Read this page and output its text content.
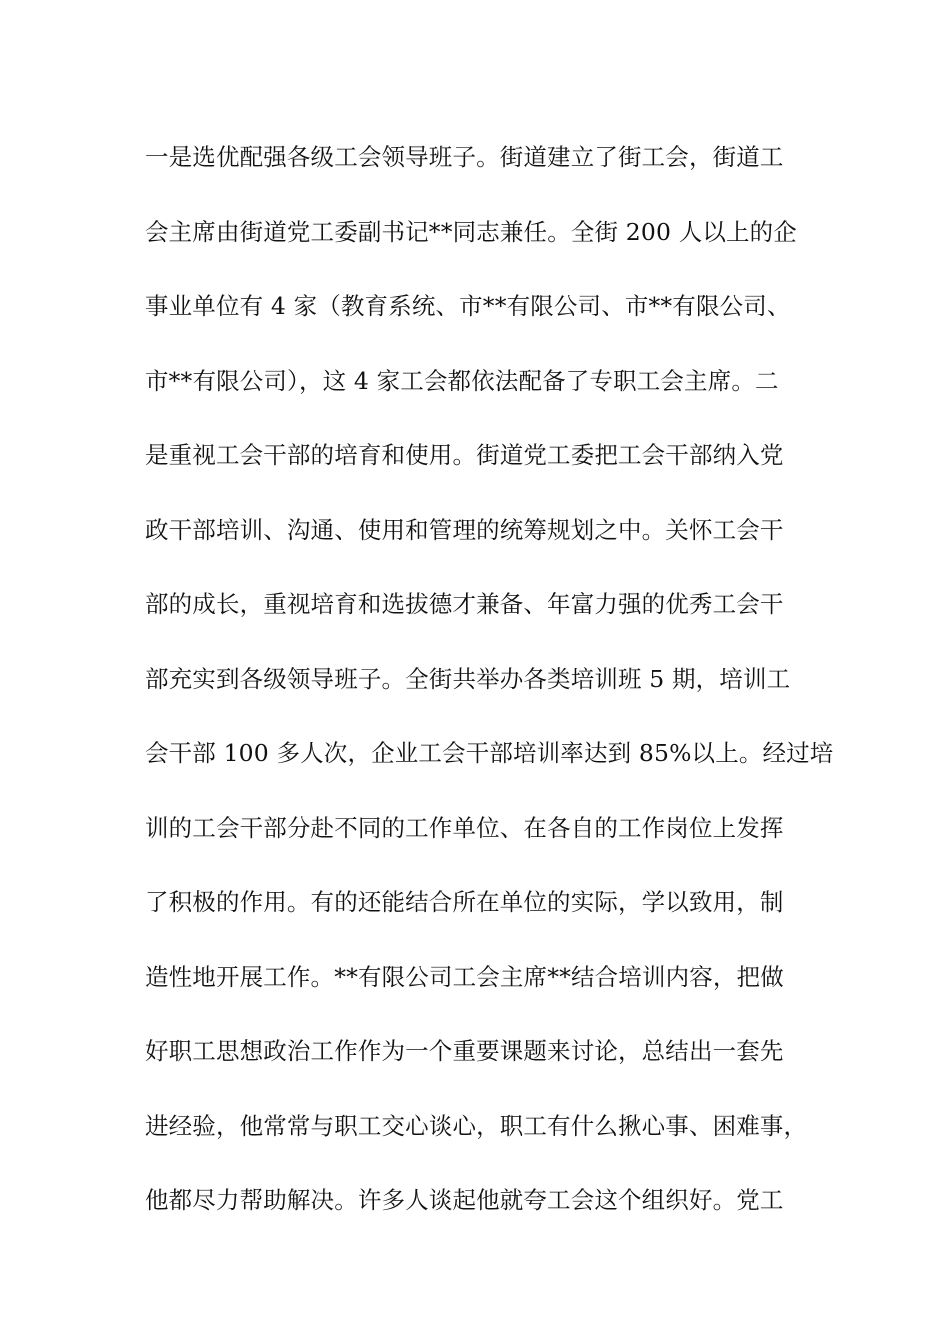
一是选优配强各级工会领导班子。街道建立了街工会，街道工
会主席由街道党工委副书记**同志兼任。全街 200 人以上的企
事业单位有 4 家（教育系统、市**有限公司、市**有限公司、
市**有限公司），这 4 家工会都依法配备了专职工会主席。二
是重视工会干部的培育和使用。街道党工委把工会干部纳入党
政干部培训、沟通、使用和管理的统筹规划之中。关怀工会干
部的成长，重视培育和选拔德才兼备、年富力强的优秀工会干
部充实到各级领导班子。全街共举办各类培训班 5 期，培训工
会干部 100 多人次，企业工会干部培训率达到 85%以上。经过培
训的工会干部分赴不同的工作单位、在各自的工作岗位上发挥
了积极的作用。有的还能结合所在单位的实际，学以致用，制
造性地开展工作。**有限公司工会主席**结合培训内容，把做
好职工思想政治工作作为一个重要课题来讨论，总结出一套先
进经验，他常常与职工交心谈心，职工有什么揪心事、困难事，
他都尽力帮助解决。许多人谈起他就夸工会这个组织好。党工
